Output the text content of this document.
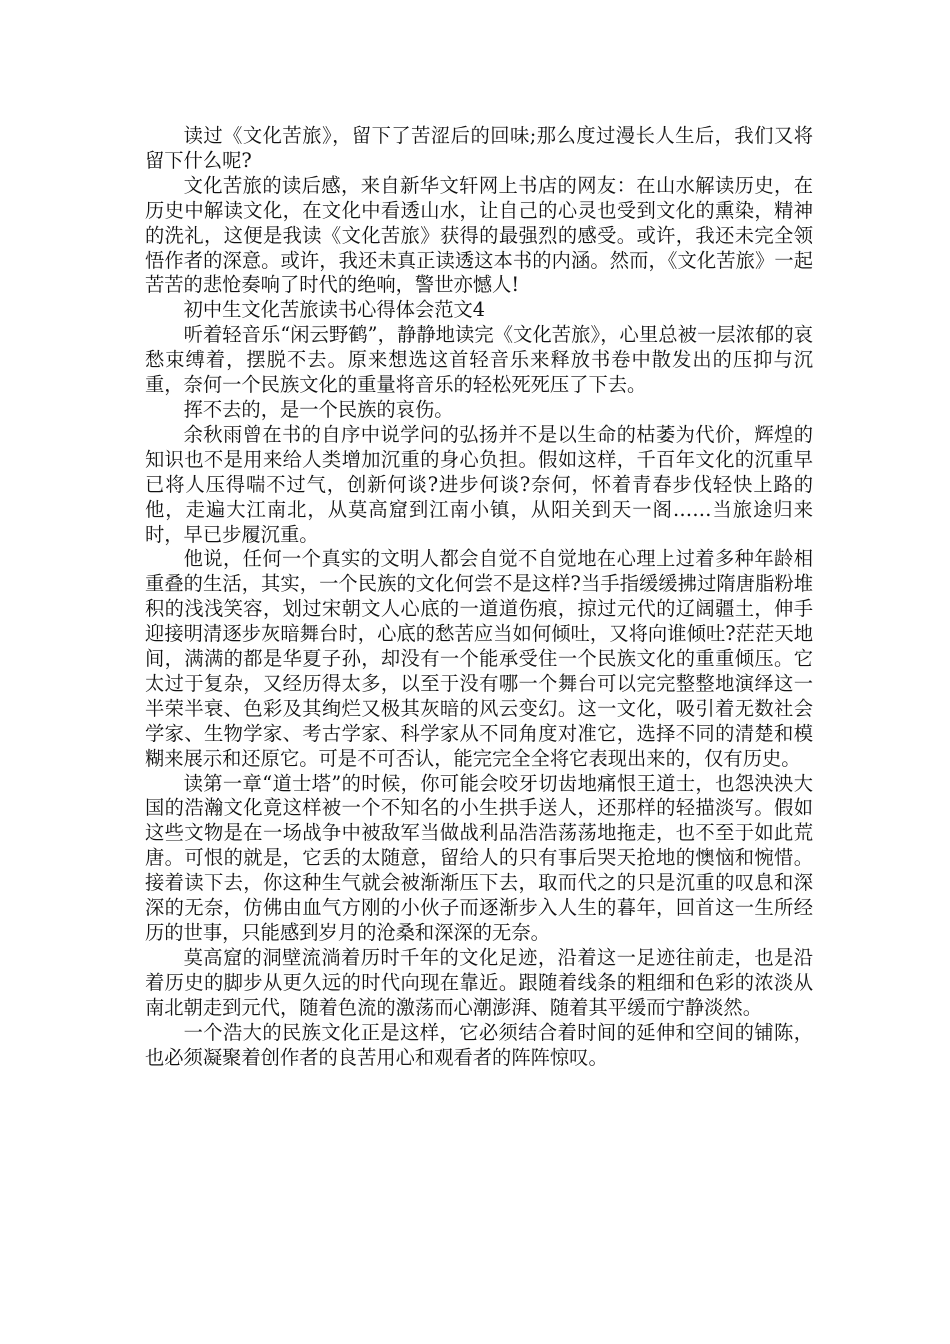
读过《文化苦旅》，留下了苦涩后的回味;那么度过漫长人生后，我们又将留下什么呢?

文化苦旅的读后感，来自新华文轩网上书店的网友：在山水解读历史，在历史中解读文化，在文化中看透山水，让自己的心灵也受到文化的熏染，精神的洗礼，这便是我读《文化苦旅》获得的最强烈的感受。或许，我还未完全领悟作者的深意。或许，我还未真正读透这本书的内涵。然而，《文化苦旅》一起苦苦的悲怆奏响了时代的绝响，警世亦憾人!

初中生文化苦旅读书心得体会范文4

听着轻音乐“闲云野鹤”，静静地读完《文化苦旅》，心里总被一层浓郁的哀愁束缚着，摆脱不去。原来想选这首轻音乐来释放书卷中散发出的压抑与沉重，奈何一个民族文化的重量将音乐的轻松死死压了下去。

挥不去的，是一个民族的哀伤。

余秋雨曾在书的自序中说学问的弘扬并不是以生命的枯萎为代价，辉煌的知识也不是用来给人类增加沉重的身心负担。假如这样，千百年文化的沉重早已将人压得喘不过气，创新何谈?进步何谈?奈何，怀着青春步伐轻快上路的他，走遍大江南北，从莫高窟到江南小镇，从阳关到天一阁……当旅途归来时，早已步履沉重。

他说，任何一个真实的文明人都会自觉不自觉地在心理上过着多种年龄相重叠的生活，其实，一个民族的文化何尝不是这样?当手指缓缓拂过隋唐脂粉堆积的浅浅笑容，划过宋朝文人心底的一道道伤痕，掠过元代的辽阔疆土，伸手迎接明清逐步灰暗舞台时，心底的愁苦应当如何倾吐，又将向谁倾吐?茫茫天地间，满满的都是华夏子孙，却没有一个能承受住一个民族文化的重重倾压。它太过于复杂，又经历得太多，以至于没有哪一个舞台可以完完整整地演绎这一半荣半衰、色彩及其绚烂又极其灰暗的风云变幻。这一文化，吸引着无数社会学家、生物学家、考古学家、科学家从不同角度对准它，选择不同的清楚和模糊来展示和还原它。可是不可否认，能完完全全将它表现出来的，仅有历史。

读第一章“道士塔”的时候，你可能会咬牙切齿地痛恨王道士，也怨泱泱大国的浩瀚文化竟这样被一个不知名的小生拱手送人，还那样的轻描淡写。假如这些文物是在一场战争中被敌军当做战利品浩浩荡荡地拖走，也不至于如此荒唐。可恨的就是，它丢的太随意，留给人的只有事后哭天抢地的懊恼和惋惜。接着读下去，你这种生气就会被渐渐压下去，取而代之的只是沉重的叹息和深深的无奈，仿佛由血气方刚的小伙子而逐渐步入人生的暮年，回首这一生所经历的世事，只能感到岁月的沧桑和深深的无奈。

莫高窟的洞壁流淌着历时千年的文化足迹，沿着这一足迹往前走，也是沿着历史的脚步从更久远的时代向现在靠近。跟随着线条的粗细和色彩的浓淡从南北朝走到元代，随着色流的激荡而心潮澎湃、随着其平缓而宁静淡然。

一个浩大的民族文化正是这样，它必须结合着时间的延伸和空间的铺陈，也必须凝聚着创作者的良苦用心和观看者的阵阵惊叹。
